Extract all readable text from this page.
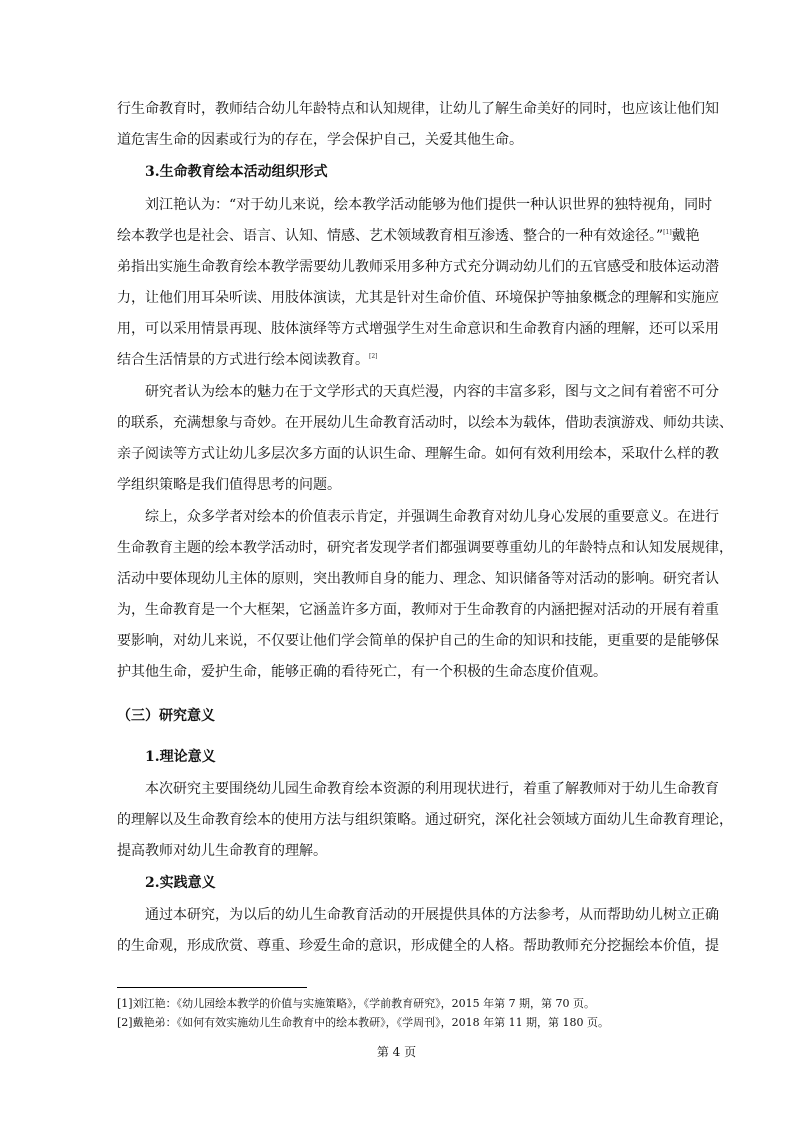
行生命教育时，教师结合幼儿年龄特点和认知规律，让幼儿了解生命美好的同时，也应该让他们知
道危害生命的因素或行为的存在，学会保护自己，关爱其他生命。
3.生命教育绘本活动组织形式
刘江艳认为：“对于幼儿来说，绘本教学活动能够为他们提供一种认识世界的独特视角，同时
绘本教学也是社会、语言、认知、情感、艺术领域教育相互渗透、整合的一种有效途径。”[1]戴艳
弟指出实施生命教育绘本教学需要幼儿教师采用多种方式充分调动幼儿们的五官感受和肢体运动潜
力，让他们用耳朵听读、用肢体演读，尤其是针对生命价值、环境保护等抽象概念的理解和实施应
用，可以采用情景再现、肢体演绎等方式增强学生对生命意识和生命教育内涵的理解，还可以采用
结合生活情景的方式进行绘本阅读教育。[2]
研究者认为绘本的魅力在于文学形式的天真烂漫，内容的丰富多彩，图与文之间有着密不可分
的联系，充满想象与奇妙。在开展幼儿生命教育活动时，以绘本为载体，借助表演游戏、师幼共读、
亲子阅读等方式让幼儿多层次多方面的认识生命、理解生命。如何有效利用绘本，采取什么样的教
学组织策略是我们值得思考的问题。
综上，众多学者对绘本的价值表示肯定，并强调生命教育对幼儿身心发展的重要意义。在进行
生命教育主题的绘本教学活动时，研究者发现学者们都强调要尊重幼儿的年龄特点和认知发展规律，
活动中要体现幼儿主体的原则，突出教师自身的能力、理念、知识储备等对活动的影响。研究者认
为，生命教育是一个大框架，它涵盖许多方面，教师对于生命教育的内涵把握对活动的开展有着重
要影响，对幼儿来说，不仅要让他们学会简单的保护自己的生命的知识和技能，更重要的是能够保
护其他生命，爱护生命，能够正确的看待死亡，有一个积极的生命态度价值观。
（三）研究意义
1.理论意义
本次研究主要围绕幼儿园生命教育绘本资源的利用现状进行，着重了解教师对于幼儿生命教育
的理解以及生命教育绘本的使用方法与组织策略。通过研究，深化社会领域方面幼儿生命教育理论，
提高教师对幼儿生命教育的理解。
2.实践意义
通过本研究，为以后的幼儿生命教育活动的开展提供具体的方法参考，从而帮助幼儿树立正确
的生命观，形成欣赏、尊重、珍爱生命的意识，形成健全的人格。帮助教师充分挖掘绘本价值，提
[1]刘江艳：《幼儿园绘本教学的价值与实施策略》，《学前教育研究》，2015 年第 7 期，第 70 页。
[2]戴艳弟：《如何有效实施幼儿生命教育中的绘本教研》，《学周刊》，2018 年第 11 期，第 180 页。
第 4 页
